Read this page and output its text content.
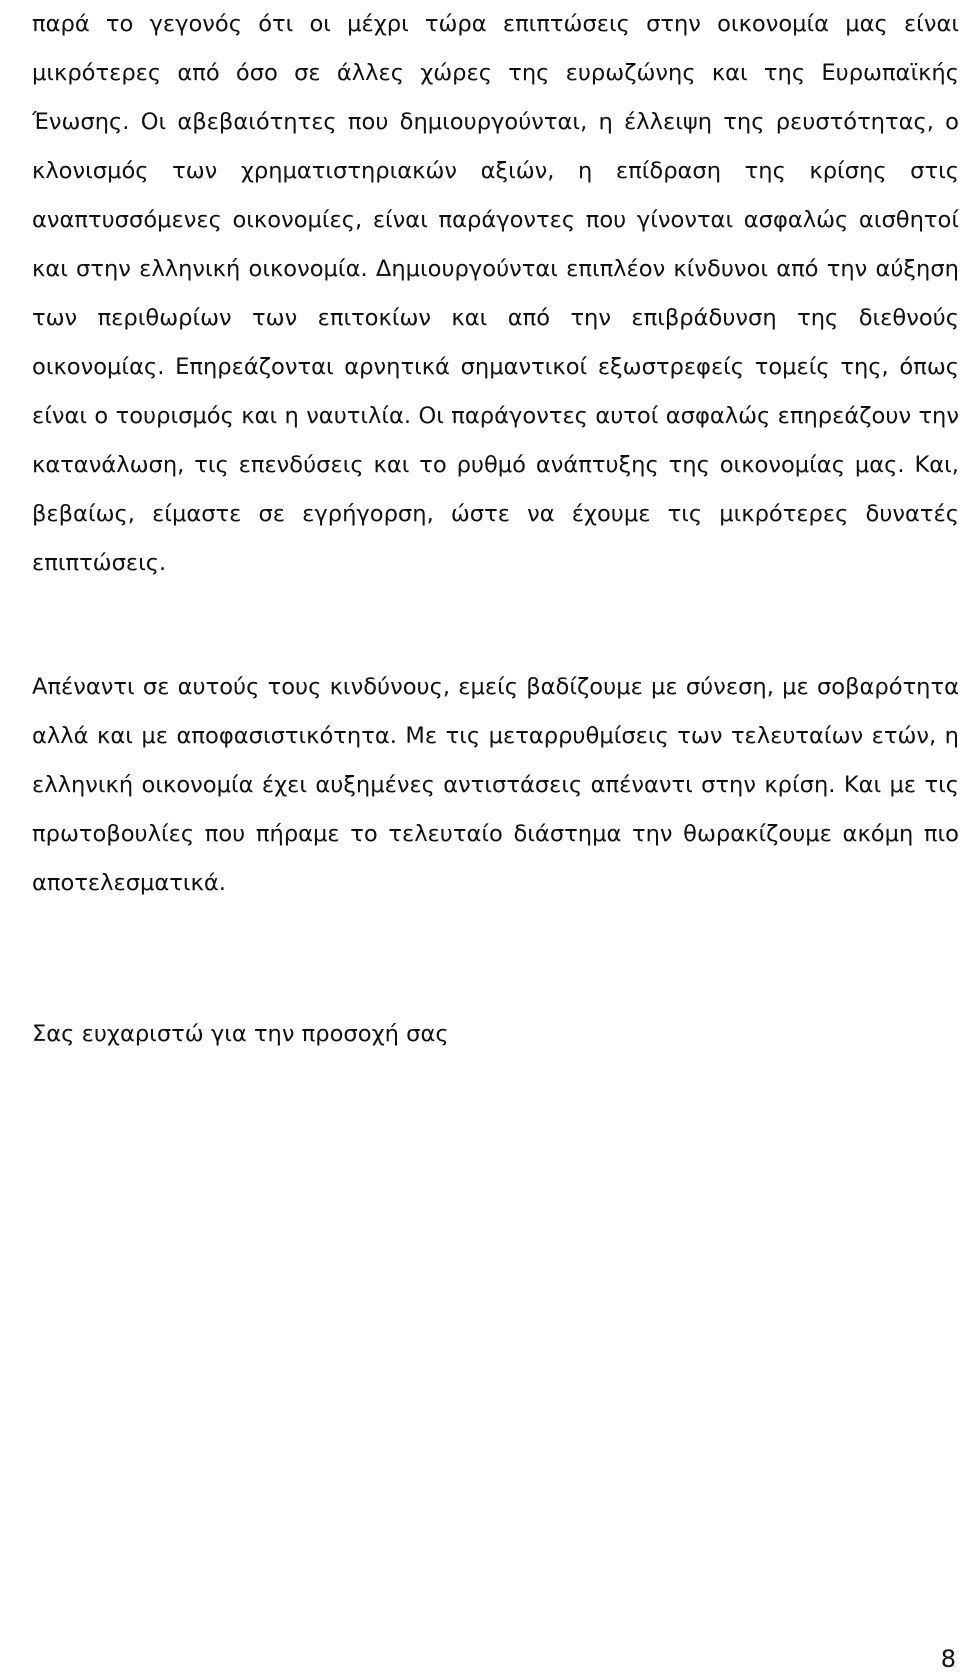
παρά το γεγονός ότι οι μέχρι τώρα επιπτώσεις στην οικονομία μας είναι μικρότερες από όσο σε άλλες χώρες της ευρωζώνης και της Ευρωπαϊκής Ένωσης. Οι αβεβαιότητες που δημιουργούνται, η έλλειψη της ρευστότητας, ο κλονισμός των χρηματιστηριακών αξιών, η επίδραση της κρίσης στις αναπτυσσόμενες οικονομίες, είναι παράγοντες που γίνονται ασφαλώς αισθητοί και στην ελληνική οικονομία. Δημιουργούνται επιπλέον κίνδυνοι από την αύξηση των περιθωρίων των επιτοκίων και από την επιβράδυνση της διεθνούς οικονομίας. Επηρεάζονται αρνητικά σημαντικοί εξωστρεφείς τομείς της, όπως είναι ο τουρισμός και η ναυτιλία. Οι παράγοντες αυτοί ασφαλώς επηρεάζουν την κατανάλωση, τις επενδύσεις και το ρυθμό ανάπτυξης της οικονομίας μας. Και, βεβαίως, είμαστε σε εγρήγορση, ώστε να έχουμε τις μικρότερες δυνατές επιπτώσεις.

Απέναντι σε αυτούς τους κινδύνους, εμείς βαδίζουμε με σύνεση, με σοβαρότητα αλλά και με αποφασιστικότητα. Με τις μεταρρυθμίσεις των τελευταίων ετών, η ελληνική οικονομία έχει αυξημένες αντιστάσεις απέναντι στην κρίση. Και με τις πρωτοβουλίες που πήραμε το τελευταίο διάστημα την θωρακίζουμε ακόμη πιο αποτελεσματικά.

Σας ευχαριστώ για την προσοχή σας

8
